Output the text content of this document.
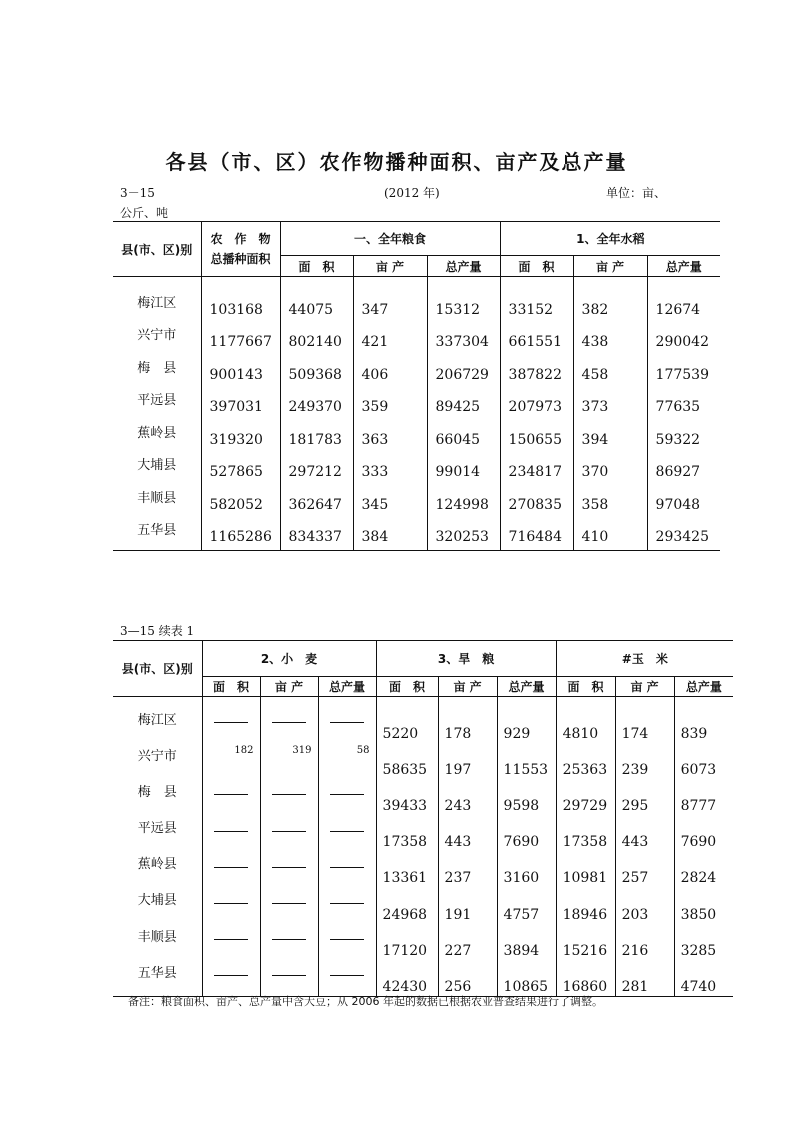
各县（市、区）农作物播种面积、亩产及总产量
3－15	(2012 年)	单位：亩、
公斤、吨
县(市、区)别	农　作　物
总播种面积	一、全年粮食			1、全年水稻		
		面　积	亩 产	总产量	面　积	亩 产	总产量

梅江区	103168	44075	347	15312	33152	382	12674
兴宁市	1177667	802140	421	337304	661551	438	290042
梅　县	900143	509368	406	206729	387822	458	177539
平远县	397031	249370	359	89425	207973	373	77635
蕉岭县	319320	181783	363	66045	150655	394	59322
大埔县	527865	297212	333	99014	234817	370	86927
丰顺县	582052	362647	345	124998	270835	358	97048
五华县	1165286	834337	384	320253	716484	410	293425
3—15 续表 1
县(市、区)别	2、小　麦			3、旱　粮			#玉　米		
	面　积	亩 产	总产量	面　积	亩 产	总产量	面　积	亩 产	总产量

梅江区				5220	178	929	4810	174	839
兴宁市	182	319	58	58635	197	11553	25363	239	6073
梅　县				39433	243	9598	29729	295	8777
平远县				17358	443	7690	17358	443	7690
蕉岭县				13361	237	3160	10981	257	2824
大埔县				24968	191	4757	18946	203	3850
丰顺县				17120	227	3894	15216	216	3285
五华县				42430	256	10865	16860	281	4740
备注：粮食面积、亩产、总产量中含大豆；从 2006 年起的数据已根据农业普查结果进行了调整。
